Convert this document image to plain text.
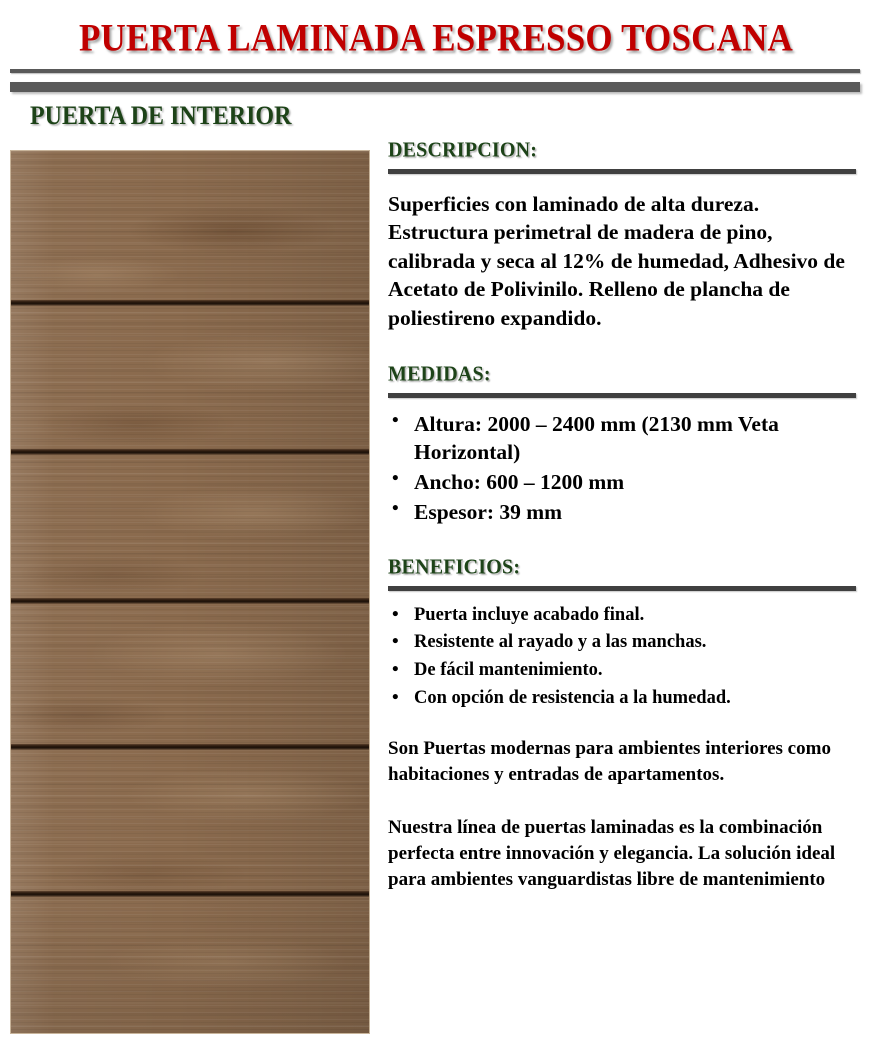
PUERTA LAMINADA ESPRESSO TOSCANA
PUERTA DE INTERIOR
DESCRIPCION:
Superficies con laminado de alta dureza. Estructura perimetral de madera de pino, calibrada y seca al 12% de humedad, Adhesivo de Acetato de Polivinilo. Relleno de plancha de poliestireno expandido.
MEDIDAS:
• Altura: 2000 – 2400 mm (2130 mm Veta Horizontal)
• Ancho: 600 – 1200 mm
• Espesor: 39 mm
BENEFICIOS:
• Puerta incluye acabado final.
• Resistente al rayado y a las manchas.
• De fácil mantenimiento.
• Con opción de resistencia a la humedad.
Son Puertas modernas para ambientes interiores como habitaciones y entradas de apartamentos.
Nuestra línea de puertas laminadas es la combinación perfecta entre innovación y elegancia. La solución ideal para ambientes vanguardistas libre de mantenimiento
